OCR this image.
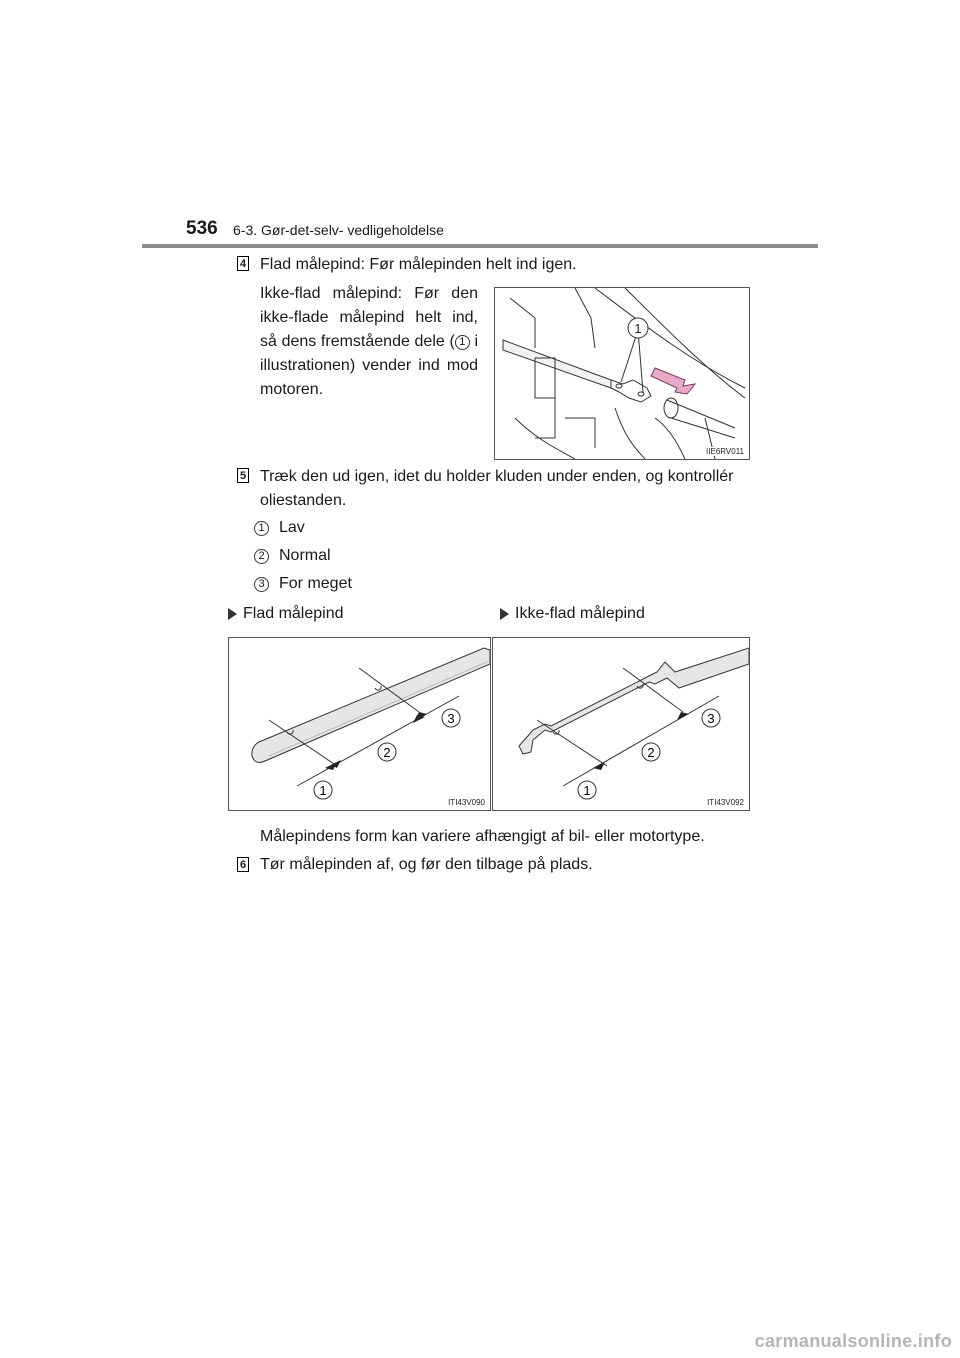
536 6-3. Gør-det-selv- vedligeholdelse
4 Flad målepind: Før målepinden helt ind igen.
Ikke-flad målepind: Før den ikke-flade målepind helt ind, så dens fremstående dele ( 1 i illustrationen) vender ind mod motoren.
1
IIE6RV011
5 Træk den ud igen, idet du holder kluden under enden, og kontrollér oliestanden.
1 Lav
2 Normal
3 For meget
Flad målepind	Ikke-flad målepind
1
2
3
ITI43V090
1
2
3
ITI43V092
Målepindens form kan variere afhængigt af bil- eller motortype.
6 Tør målepinden af, og før den tilbage på plads.
carmanualsonline.info
